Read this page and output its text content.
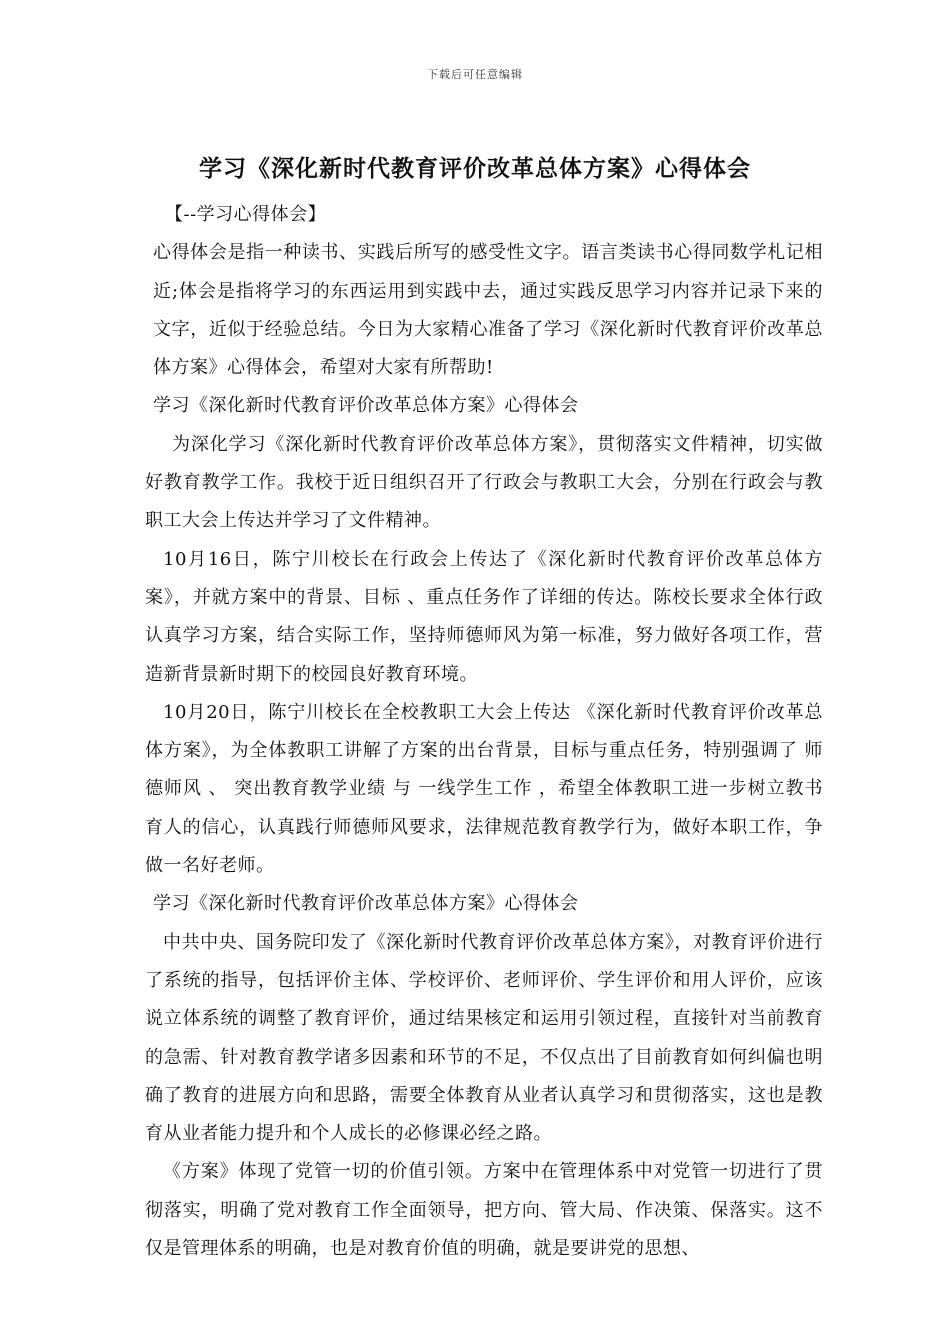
下载后可任意编辑
学习《深化新时代教育评价改革总体方案》心得体会

【--学习心得体会】

心得体会是指一种读书、实践后所写的感受性文字。语言类读书心得同数学札记相近;体会是指将学习的东西运用到实践中去，通过实践反思学习内容并记录下来的文字，近似于经验总结。今日为大家精心准备了学习《深化新时代教育评价改革总体方案》心得体会，希望对大家有所帮助!

学习《深化新时代教育评价改革总体方案》心得体会

为深化学习《深化新时代教育评价改革总体方案》，贯彻落实文件精神，切实做好教育教学工作。我校于近日组织召开了行政会与教职工大会，分别在行政会与教职工大会上传达并学习了文件精神。

10月16日，陈宁川校长在行政会上传达了《深化新时代教育评价改革总体方案》，并就方案中的背景、目标 、重点任务作了详细的传达。陈校长要求全体行政认真学习方案，结合实际工作，坚持师德师风为第一标准，努力做好各项工作，营造新背景新时期下的校园良好教育环境。

10月20日，陈宁川校长在全校教职工大会上传达 《深化新时代教育评价改革总体方案》，为全体教职工讲解了方案的出台背景，目标与重点任务，特别强调了 师德师风 、 突出教育教学业绩 与 一线学生工作 ，希望全体教职工进一步树立教书育人的信心，认真践行师德师风要求，法律规范教育教学行为，做好本职工作，争做一名好老师。

学习《深化新时代教育评价改革总体方案》心得体会

中共中央、国务院印发了《深化新时代教育评价改革总体方案》，对教育评价进行了系统的指导，包括评价主体、学校评价、老师评价、学生评价和用人评价，应该说立体系统的调整了教育评价，通过结果核定和运用引领过程，直接针对当前教育的急需、针对教育教学诸多因素和环节的不足，不仅点出了目前教育如何纠偏也明确了教育的进展方向和思路，需要全体教育从业者认真学习和贯彻落实，这也是教育从业者能力提升和个人成长的必修课必经之路。

《方案》体现了党管一切的价值引领。方案中在管理体系中对党管一切进行了贯彻落实，明确了党对教育工作全面领导，把方向、管大局、作决策、保落实。这不仅是管理体系的明确，也是对教育价值的明确，就是要讲党的思想、
